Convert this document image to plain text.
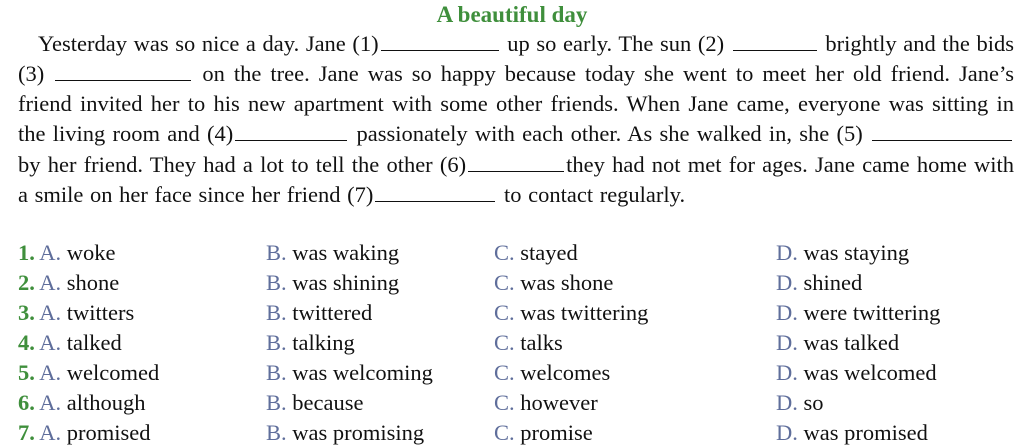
A beautiful day
Yesterday was so nice a day. Jane (1)	up so early. The sun (2)	brightly and the bids (3)	on the tree. Jane was so happy because today she went to meet her old friend. Jane’s friend invited her to his new apartment with some other friends. When Jane came, everyone was sitting in the living room and (4)	passionately with each other. As she walked in, she (5) by her friend. They had a lot to tell the other (6)	they had not met for ages. Jane came home with a smile on her face since her friend (7)	to contact regularly.
1. A. woke	B. was waking	C. stayed	D. was staying
2. A. shone	B. was shining	C. was shone	D. shined
3. A. twitters	B. twittered	C. was twittering	D. were twittering
4. A. talked	B. talking	C. talks	D. was talked
5. A. welcomed	B. was welcoming	C. welcomes	D. was welcomed
6. A. although	B. because	C. however	D. so
7. A. promised	B. was promising	C. promise	D. was promised
